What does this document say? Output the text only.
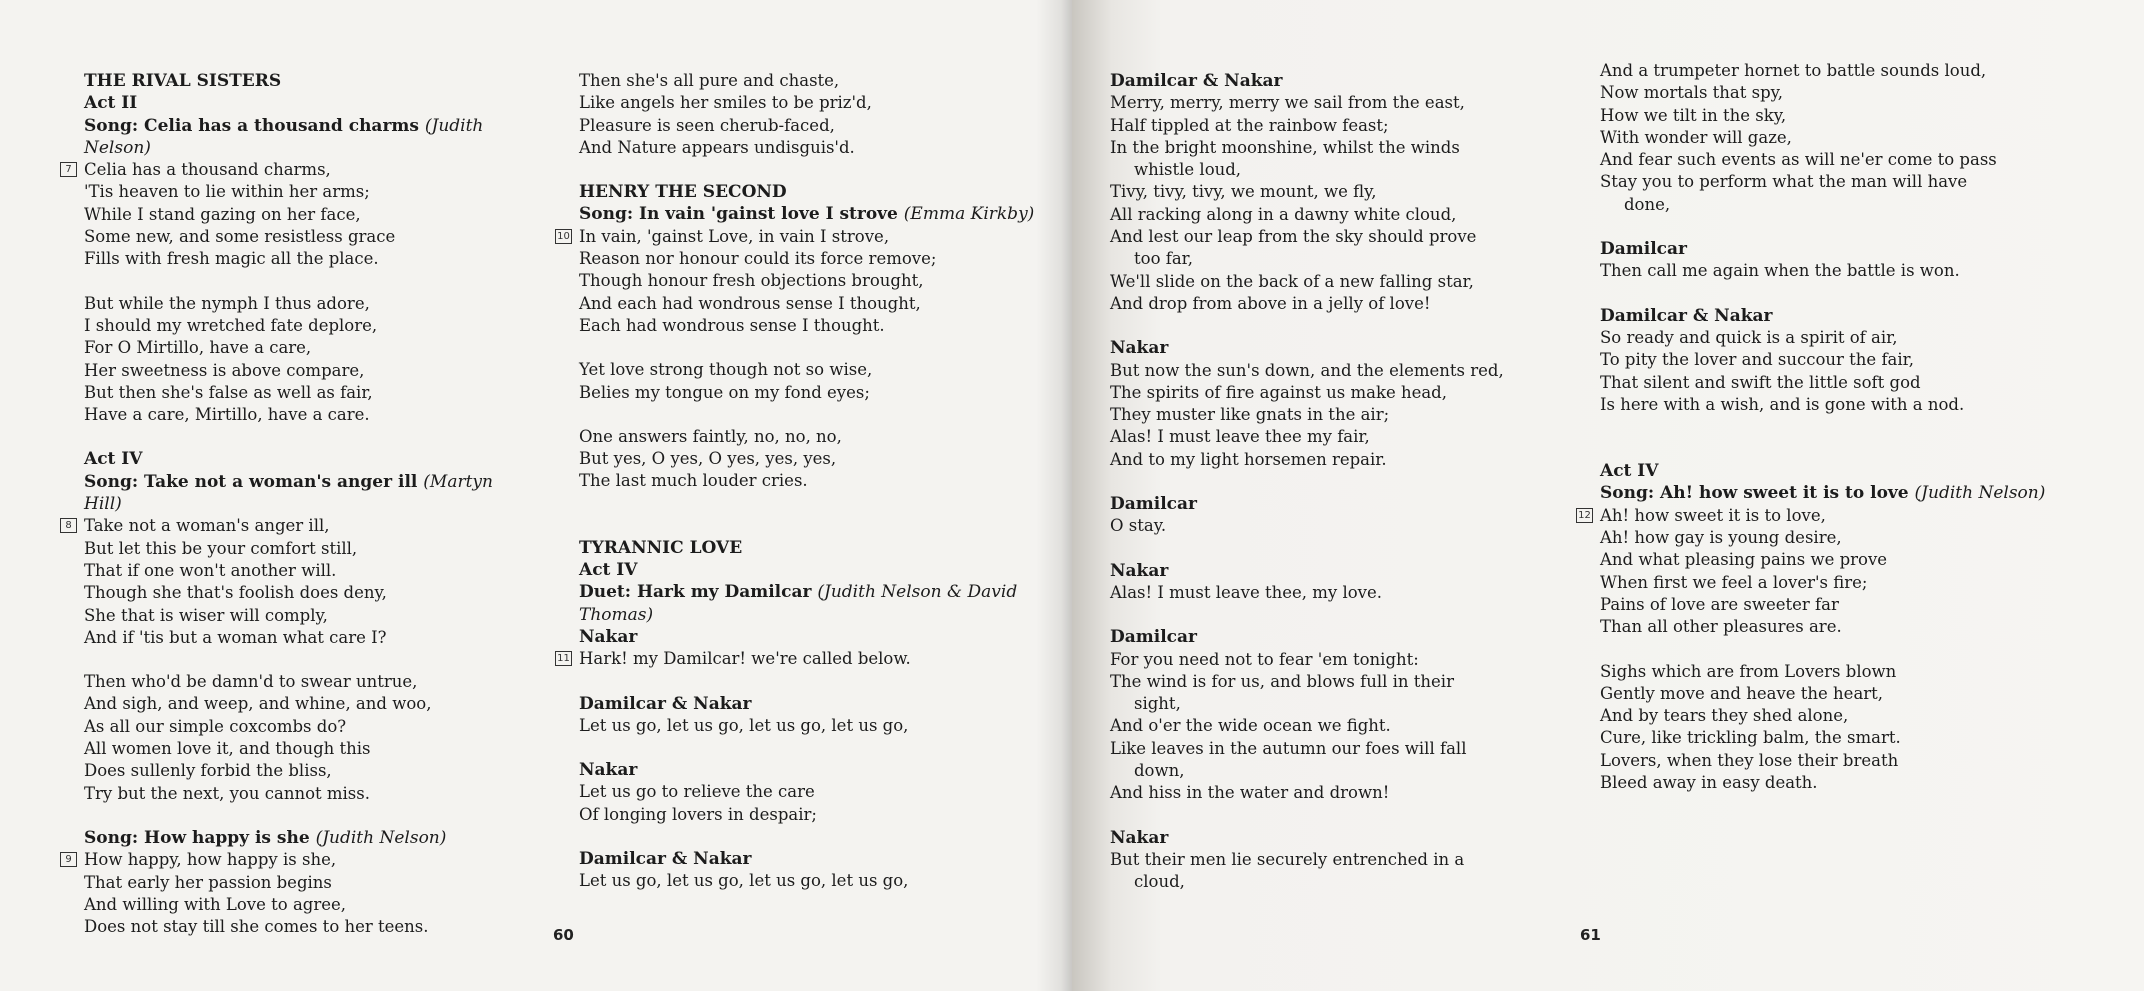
THE RIVAL SISTERS
Act II
Song: Celia has a thousand charms (Judith Nelson)
7 Celia has a thousand charms,
'Tis heaven to lie within her arms;
While I stand gazing on her face,
Some new, and some resistless grace
Fills with fresh magic all the place.
But while the nymph I thus adore,
I should my wretched fate deplore,
For O Mirtillo, have a care,
Her sweetness is above compare,
But then she's false as well as fair,
Have a care, Mirtillo, have a care.
Act IV
Song: Take not a woman's anger ill (Martyn Hill)
8 Take not a woman's anger ill,
But let this be your comfort still,
That if one won't another will.
Though she that's foolish does deny,
She that is wiser will comply,
And if 'tis but a woman what care I?
Then who'd be damn'd to swear untrue,
And sigh, and weep, and whine, and woo,
As all our simple coxcombs do?
All women love it, and though this
Does sullenly forbid the bliss,
Try but the next, you cannot miss.
Song: How happy is she (Judith Nelson)
9 How happy, how happy is she,
That early her passion begins
And willing with Love to agree,
Does not stay till she comes to her teens.
Then she's all pure and chaste,
Like angels her smiles to be priz'd,
Pleasure is seen cherub-faced,
And Nature appears undisguis'd.
HENRY THE SECOND
Song: In vain 'gainst love I strove (Emma Kirkby)
10 In vain, 'gainst Love, in vain I strove,
Reason nor honour could its force remove;
Though honour fresh objections brought,
And each had wondrous sense I thought,
Each had wondrous sense I thought.
Yet love strong though not so wise,
Belies my tongue on my fond eyes;
One answers faintly, no, no, no,
But yes, O yes, O yes, yes, yes,
The last much louder cries.
TYRANNIC LOVE
Act IV
Duet: Hark my Damilcar (Judith Nelson & David Thomas)
Nakar
11 Hark! my Damilcar! we're called below.
Damilcar & Nakar
Let us go, let us go, let us go, let us go,
Nakar
Let us go to relieve the care
Of longing lovers in despair;
Damilcar & Nakar
Let us go, let us go, let us go, let us go,
60
Damilcar & Nakar
Merry, merry, merry we sail from the east,
Half tippled at the rainbow feast;
In the bright moonshine, whilst the winds
whistle loud,
Tivy, tivy, tivy, we mount, we fly,
All racking along in a dawny white cloud,
And lest our leap from the sky should prove
too far,
We'll slide on the back of a new falling star,
And drop from above in a jelly of love!
Nakar
But now the sun's down, and the elements red,
The spirits of fire against us make head,
They muster like gnats in the air;
Alas! I must leave thee my fair,
And to my light horsemen repair.
Damilcar
O stay.
Nakar
Alas! I must leave thee, my love.
Damilcar
For you need not to fear 'em tonight:
The wind is for us, and blows full in their
sight,
And o'er the wide ocean we fight.
Like leaves in the autumn our foes will fall
down,
And hiss in the water and drown!
Nakar
But their men lie securely entrenched in a
cloud,
And a trumpeter hornet to battle sounds loud,
Now mortals that spy,
How we tilt in the sky,
With wonder will gaze,
And fear such events as will ne'er come to pass
Stay you to perform what the man will have
done,
Damilcar
Then call me again when the battle is won.
Damilcar & Nakar
So ready and quick is a spirit of air,
To pity the lover and succour the fair,
That silent and swift the little soft god
Is here with a wish, and is gone with a nod.
Act IV
Song: Ah! how sweet it is to love (Judith Nelson)
12 Ah! how sweet it is to love,
Ah! how gay is young desire,
And what pleasing pains we prove
When first we feel a lover's fire;
Pains of love are sweeter far
Than all other pleasures are.
Sighs which are from Lovers blown
Gently move and heave the heart,
And by tears they shed alone,
Cure, like trickling balm, the smart.
Lovers, when they lose their breath
Bleed away in easy death.
61
